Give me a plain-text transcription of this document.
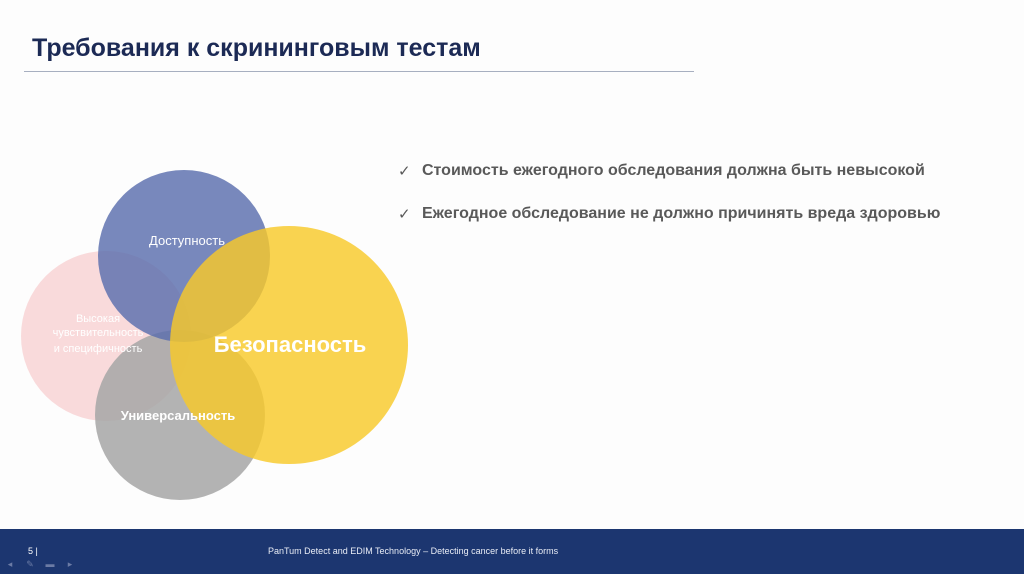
Требования к скрининговым тестам
Доступность
Высокая
чувствительность
и специфичность
Универсальность
Безопасность
✓ Стоимость ежегодного обследования должна быть невысокой
✓ Ежегодное обследование не должно причинять вреда здоровью
5 |	PanTum Detect and EDIM Technology – Detecting cancer before it forms
◂	✎ ▬	▸
